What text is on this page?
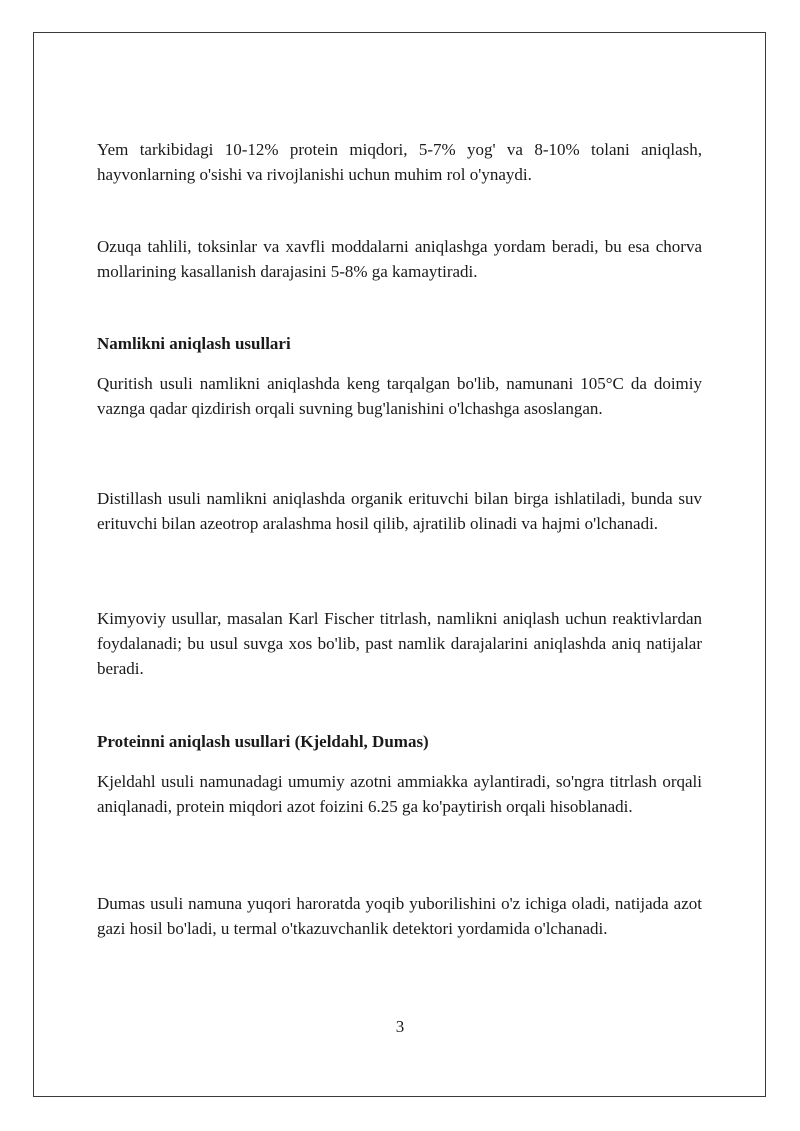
Yem tarkibidagi 10-12% protein miqdori, 5-7% yog' va 8-10% tolani aniqlash, hayvonlarning o'sishi va rivojlanishi uchun muhim rol o'ynaydi.

Ozuqa tahlili, toksinlar va xavfli moddalarni aniqlashga yordam beradi, bu esa chorva mollarining kasallanish darajasini 5-8% ga kamaytiradi.

Namlikni aniqlash usullari

Quritish usuli namlikni aniqlashda keng tarqalgan bo'lib, namunani 105°C da doimiy vaznga qadar qizdirish orqali suvning bug'lanishini o'lchashga asoslangan.

Distillash usuli namlikni aniqlashda organik erituvchi bilan birga ishlatiladi, bunda suv erituvchi bilan azeotrop aralashma hosil qilib, ajratilib olinadi va hajmi o'lchanadi.

Kimyoviy usullar, masalan Karl Fischer titrlash, namlikni aniqlash uchun reaktivlardan foydalanadi; bu usul suvga xos bo'lib, past namlik darajalarini aniqlashda aniq natijalar beradi.

Proteinni aniqlash usullari (Kjeldahl, Dumas)

Kjeldahl usuli namunadagi umumiy azotni ammiakka aylantiradi, so'ngra titrlash orqali aniqlanadi, protein miqdori azot foizini 6.25 ga ko'paytirish orqali hisoblanadi.

Dumas usuli namuna yuqori haroratda yoqib yuborilishini o'z ichiga oladi, natijada azot gazi hosil bo'ladi, u termal o'tkazuvchanlik detektori yordamida o'lchanadi.

3
